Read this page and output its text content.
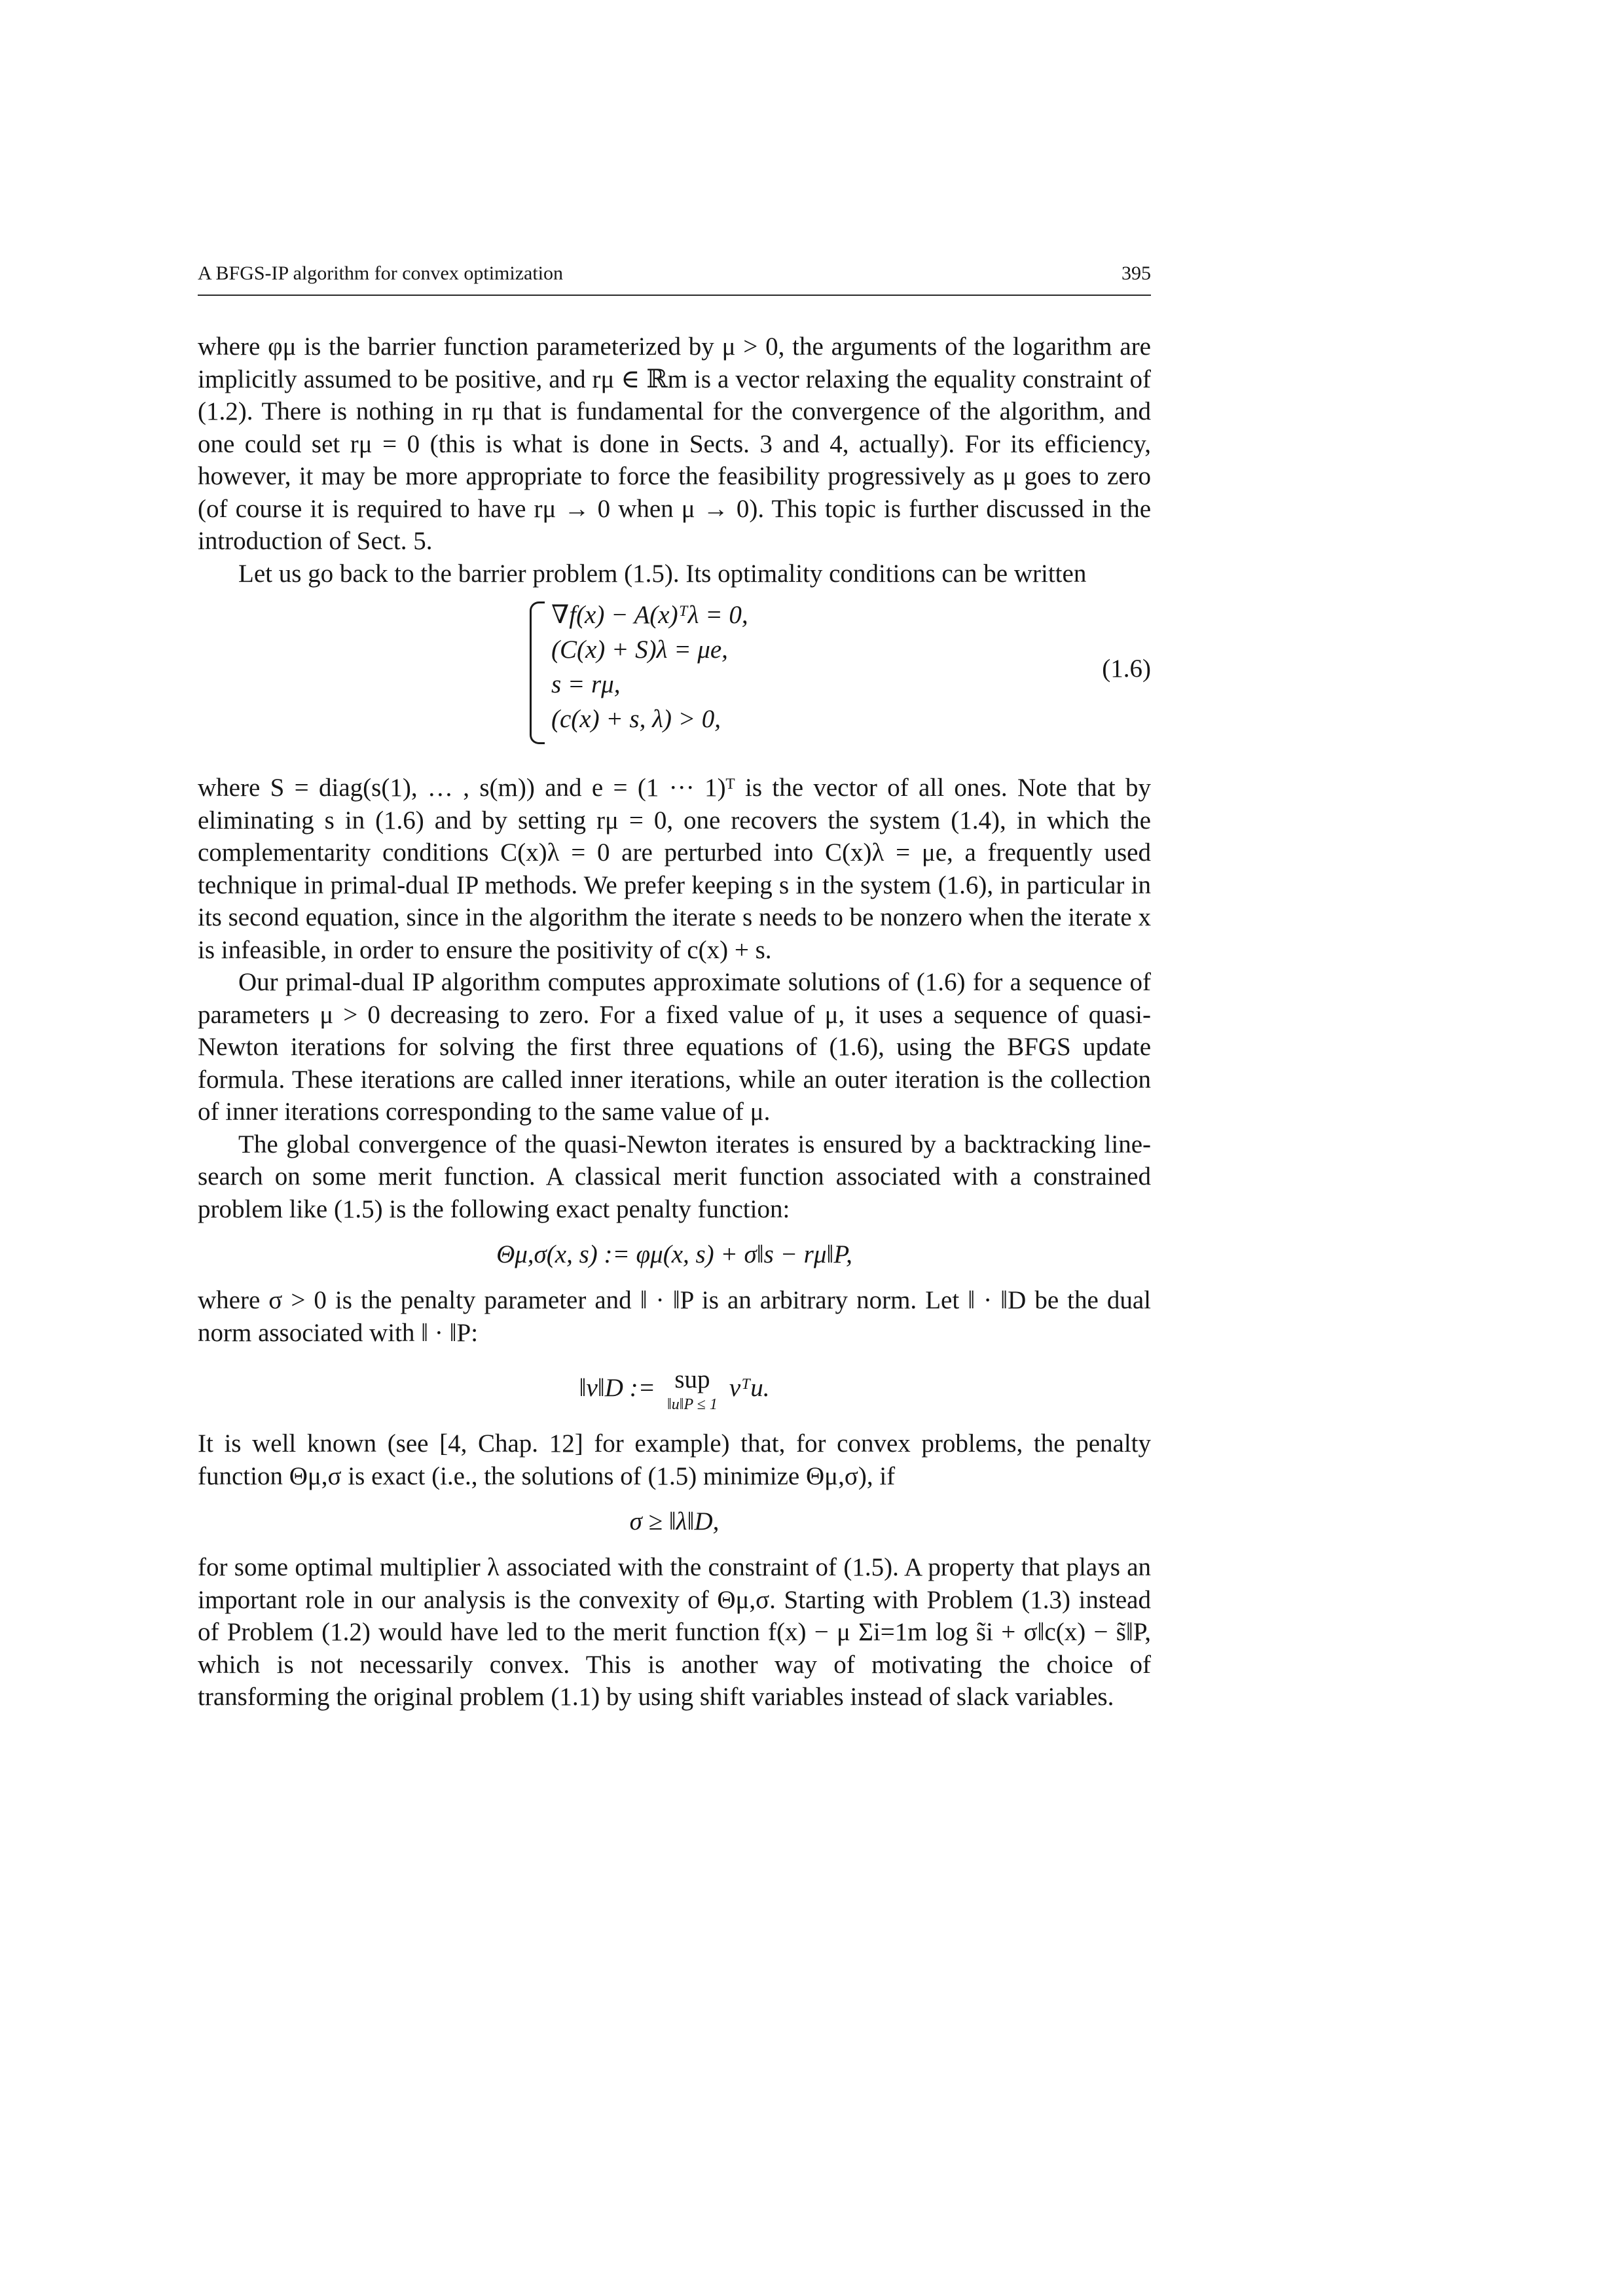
A BFGS-IP algorithm for convex optimization	395

where φμ is the barrier function parameterized by μ > 0, the arguments of the logarithm are implicitly assumed to be positive, and rμ ∈ ℝm is a vector relaxing the equality constraint of (1.2). There is nothing in rμ that is fundamental for the convergence of the algorithm, and one could set rμ = 0 (this is what is done in Sects. 3 and 4, actually). For its efficiency, however, it may be more appropriate to force the feasibility progressively as μ goes to zero (of course it is required to have rμ → 0 when μ → 0). This topic is further discussed in the introduction of Sect. 5.

Let us go back to the barrier problem (1.5). Its optimality conditions can be written

∇f(x) − A(x)ᵀλ = 0,
(C(x) + S)λ = μe,
s = rμ,
(c(x) + s, λ) > 0,
(1.6)

where S = diag(s(1), … , s(m)) and e = (1 ··· 1)ᵀ is the vector of all ones. Note that by eliminating s in (1.6) and by setting rμ = 0, one recovers the system (1.4), in which the complementarity conditions C(x)λ = 0 are perturbed into C(x)λ = μe, a frequently used technique in primal-dual IP methods. We prefer keeping s in the system (1.6), in particular in its second equation, since in the algorithm the iterate s needs to be nonzero when the iterate x is infeasible, in order to ensure the positivity of c(x) + s.

Our primal-dual IP algorithm computes approximate solutions of (1.6) for a sequence of parameters μ > 0 decreasing to zero. For a fixed value of μ, it uses a sequence of quasi-Newton iterations for solving the first three equations of (1.6), using the BFGS update formula. These iterations are called inner iterations, while an outer iteration is the collection of inner iterations corresponding to the same value of μ.

The global convergence of the quasi-Newton iterates is ensured by a backtracking line-search on some merit function. A classical merit function associated with a constrained problem like (1.5) is the following exact penalty function:

Θμ,σ(x, s) := φμ(x, s) + σ‖s − rμ‖P,

where σ > 0 is the penalty parameter and ‖ · ‖P is an arbitrary norm. Let ‖ · ‖D be the dual norm associated with ‖ · ‖P:

‖v‖D := sup
‖u‖P ≤ 1
vᵀu.

It is well known (see [4, Chap. 12] for example) that, for convex problems, the penalty function Θμ,σ is exact (i.e., the solutions of (1.5) minimize Θμ,σ), if

σ ≥ ‖λ‖D,

for some optimal multiplier λ associated with the constraint of (1.5). A property that plays an important role in our analysis is the convexity of Θμ,σ. Starting with Problem (1.3) instead of Problem (1.2) would have led to the merit function f(x) − μ Σi=1m log s̃i + σ‖c(x) − s̃‖P, which is not necessarily convex. This is another way of motivating the choice of transforming the original problem (1.1) by using shift variables instead of slack variables.
